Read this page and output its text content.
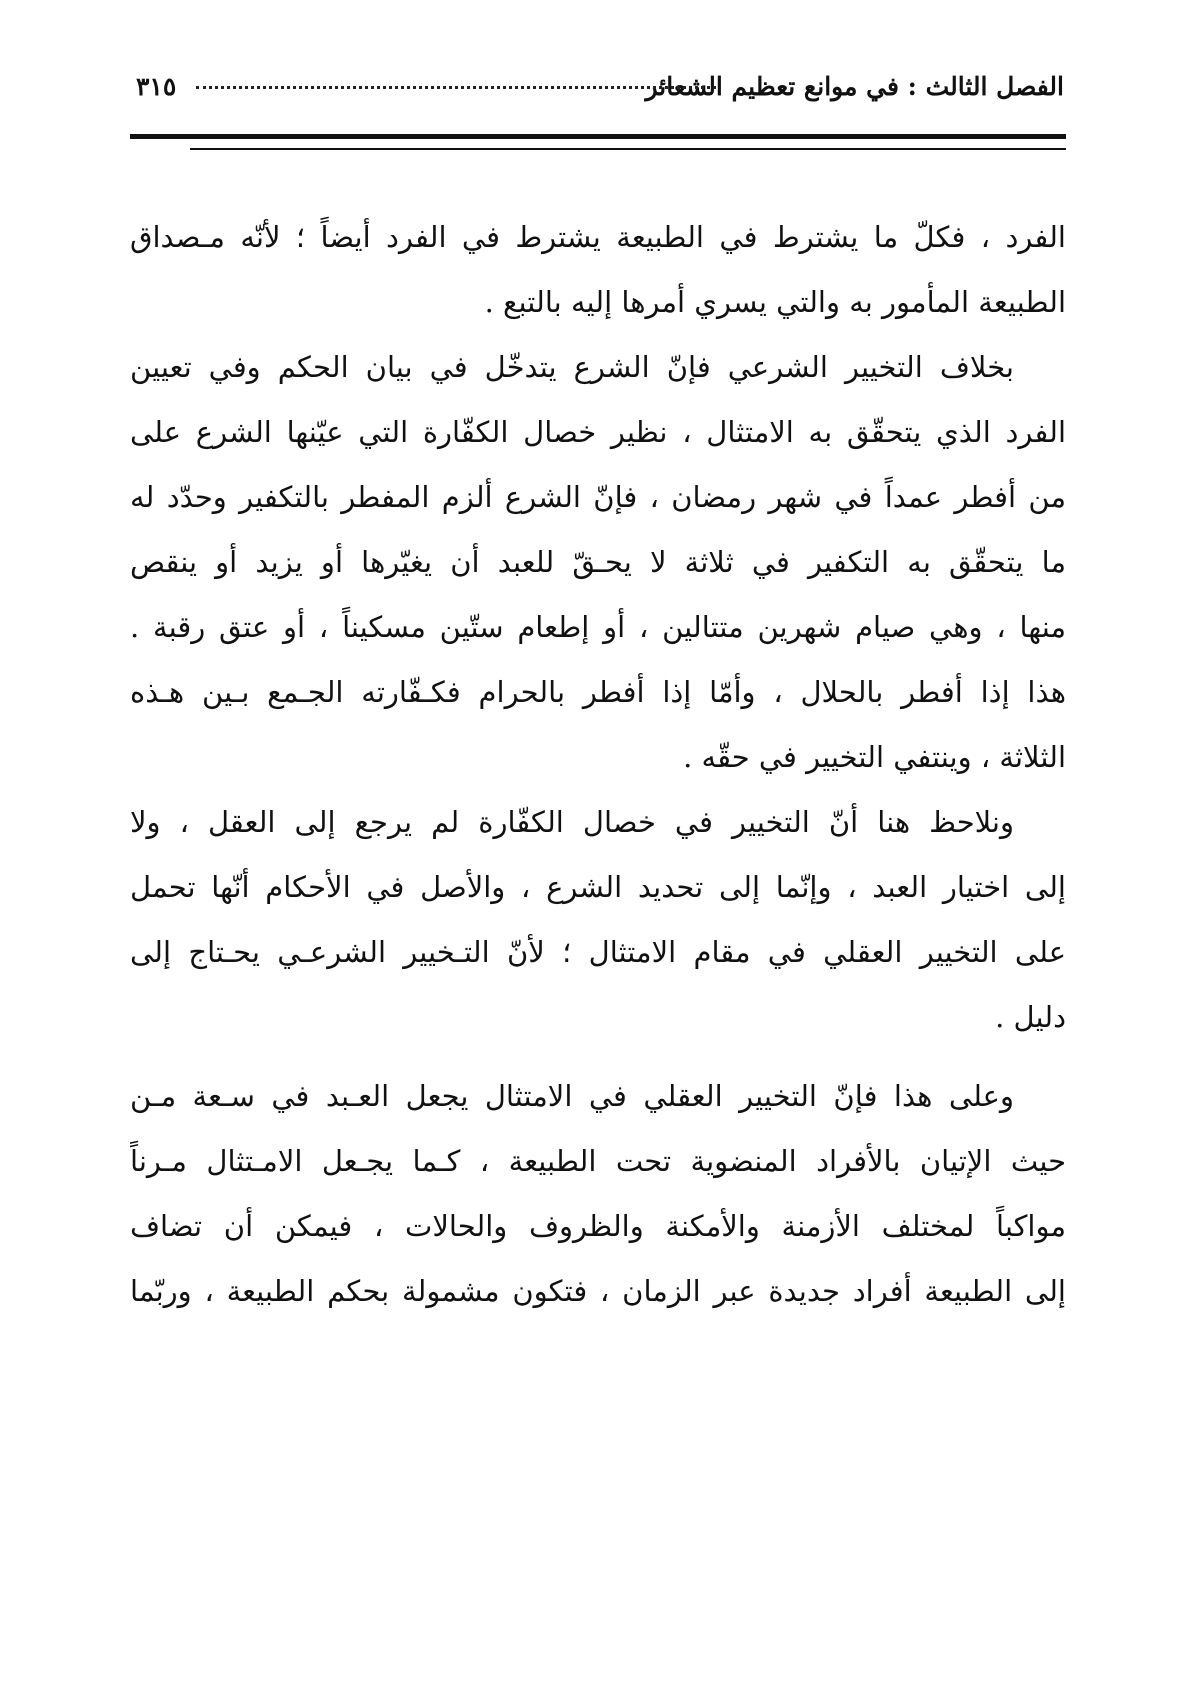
الفصل الثالث : في موانع تعظيم الشعائر
٣١٥
الفرد ، فكلّ ما يشترط في الطبيعة يشترط في الفرد أيضاً ؛ لأنّه مـصداق
الطبيعة المأمور به والتي يسري أمرها إليه بالتبع .
بخلاف التخيير الشرعي فإنّ الشرع يتدخّل في بيان الحكم وفي تعيين
الفرد الذي يتحقّق به الامتثال ، نظير خصال الكفّارة التي عيّنها الشرع على
من أفطر عمداً في شهر رمضان ، فإنّ الشرع ألزم المفطر بالتكفير وحدّد له
ما يتحقّق به التكفير في ثلاثة لا يحـقّ للعبد أن يغيّرها أو يزيد أو ينقص
منها ، وهي صيام شهرين متتالين ، أو إطعام ستّين مسكيناً ، أو عتق رقبة .
هذا إذا أفطر بالحلال ، وأمّا إذا أفطر بالحرام فكـفّارته الجـمع بـين هـذه
الثلاثة ، وينتفي التخيير في حقّه .
ونلاحظ هنا أنّ التخيير في خصال الكفّارة لم يرجع إلى العقل ، ولا
إلى اختيار العبد ، وإنّما إلى تحديد الشرع ، والأصل في الأحكام أنّها تحمل
على التخيير العقلي في مقام الامتثال ؛ لأنّ التـخيير الشرعـي يحـتاج إلى
دليل .
وعلى هذا فإنّ التخيير العقلي في الامتثال يجعل العـبد في سـعة مـن
حيث الإتيان بالأفراد المنضوية تحت الطبيعة ، كـما يجـعل الامـتثال مـرناً
مواكباً لمختلف الأزمنة والأمكنة والظروف والحالات ، فيمكن أن تضاف
إلى الطبيعة أفراد جديدة عبر الزمان ، فتكون مشمولة بحكم الطبيعة ، وربّما
